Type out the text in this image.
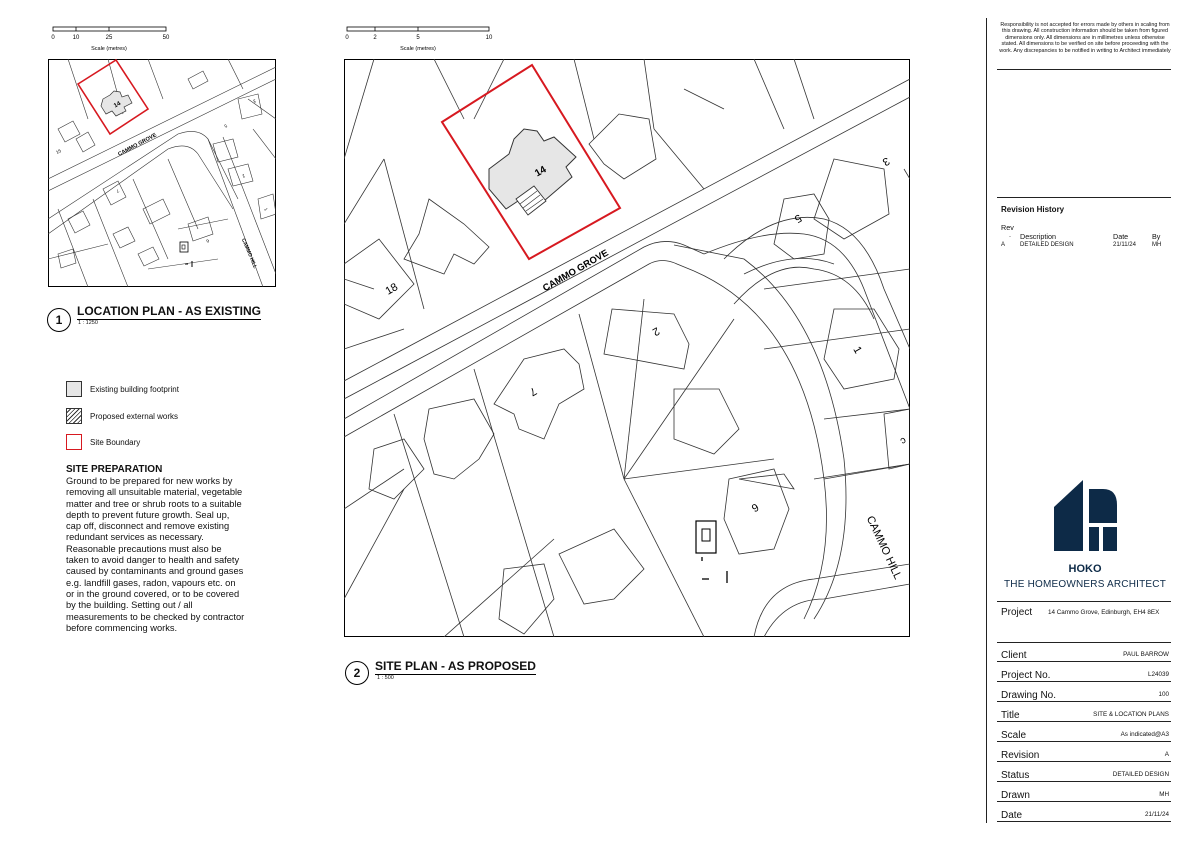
0	10	25	50
Scale (metres)
0	2	5	10
Scale (metres)
14
CAMMO GROVE
CAMMO HILL
15
3
5
2
7
6
1
1
LOCATION PLAN - AS EXISTING
1 : 1250
14
CAMMO GROVE
CAMMO HILL
18
3
5
2
7
1
6
c
2 SITE PLAN - AS PROPOSED
1 : 500
Existing building footprint
Proposed external works
Site Boundary
SITE PREPARATION
Ground to be prepared for new works by removing all unsuitable material, vegetable matter and tree or shrub roots to a suitable depth to prevent future growth. Seal up, cap off, disconnect and remove existing redundant services as necessary. Reasonable precautions must also be taken to avoid danger to health and safety caused by contaminants and ground gases e.g. landfill gases, radon, vapours etc. on or in the ground covered, or to be covered by the building. Setting out / all measurements to be checked by contractor before commencing works.
Responsibility is not accepted for errors made by others in scaling from this drawing. All construction information should be taken from figured dimensions only. All dimensions are in millimetres unless otherwise stated. All dimensions to be verified on site before proceeding with the work. Any discrepancies to be notified in writing to Architect immediately
Revision History
Rev
. Description	Date	By
A DETAILED DESIGN	21/11/24	MH
HOKO
THE HOMEOWNERS ARCHITECT
Project	14 Cammo Grove, Edinburgh, EH4 8EX
Client	PAUL BARROW
Project No.	L24039
Drawing No.	100
Title	SITE & LOCATION PLANS
Scale	As indicated@A3
Revision	A
Status	DETAILED DESIGN
Drawn	MH
Date	21/11/24
